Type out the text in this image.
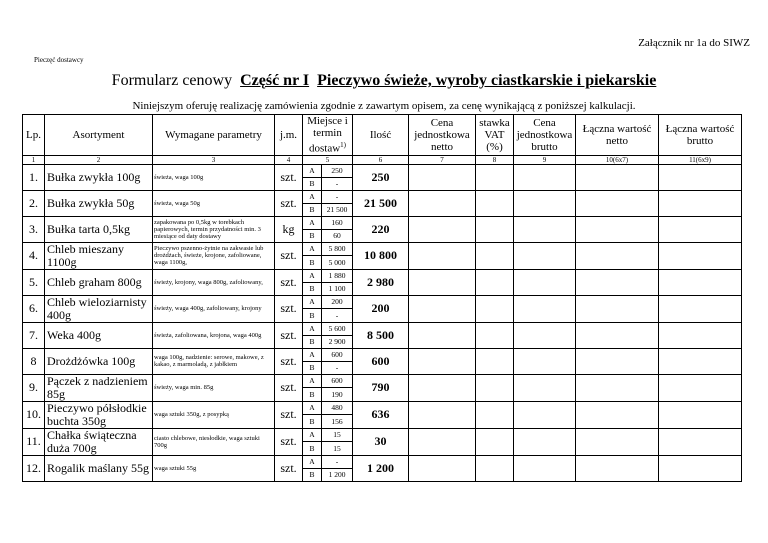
Załącznik nr 1a do SIWZ
Pieczęć dostawcy
Formularz cenowy Część nr I Pieczywo świeże, wyroby ciastkarskie i piekarskie
Niniejszym oferuję realizację zamówienia zgodnie z zawartym opisem, za cenę wynikającą z poniższej kalkulacji.
Lp.	Asortyment	Wymagane parametry	j.m.	Miejsce i termin dostaw$^{1)}$		Ilość	Cena jednostkowa netto	stawka VAT (%)	Cena jednostkowa brutto	Łączna wartość netto	Łączna wartość brutto
1	2	3	4	5		6	7	8	9	10(6x7)	11(6x9)
1.	Bułka zwykła 100g	świeża, waga 100g	szt.	A	250	250					
				B	-						
2.	Bułka zwykła 50g	świeża, waga 50g	szt.	A	-	21 500					
				B	21 500						
3.	Bułka tarta 0,5kg	zapakowana po 0,5kg w torebkach papierowych, termin przydatności min. 3 miesiące od daty dostawy	kg	A	160	220					
				B	60						
4.	Chleb mieszany 1100g	Pieczywo pszenno-żytnie na zakwasie lub drożdżach, świeże, krojone, zafoliowane, waga 1100g,	szt.	A	5 800	10 800					
				B	5 000						
5.	Chleb graham 800g	świeży, krojony, waga 800g, zafoliowany,	szt.	A	1 880	2 980					
				B	1 100						
6.	Chleb wieloziarnisty 400g	świeży, waga 400g, zafoliowany, krojony	szt.	A	200	200					
				B	-						
7.	Weka 400g	świeża, zafoliowana, krojona, waga 400g	szt.	A	5 600	8 500					
				B	2 900						
8	Drożdżówka 100g	waga 100g, nadzienie: serowe, makowe, z kakao, z marmoladą, z jabłkiem	szt.	A	600	600					
				B	-						
9.	Pączek z nadzieniem 85g	świeży, waga min. 85g	szt.	A	600	790					
				B	190						
10.	Pieczywo półsłodkie buchta 350g	waga sztuki 350g, z posypką	szt.	A	480	636					
				B	156						
11.	Chałka świąteczna duża 700g	ciasto chlebowe, niesłodkie, waga sztuki 700g	szt.	A	15	30					
				B	15						
12.	Rogalik maślany 55g	waga sztuki 55g	szt.	A	-	1 200					
				B	1 200						
